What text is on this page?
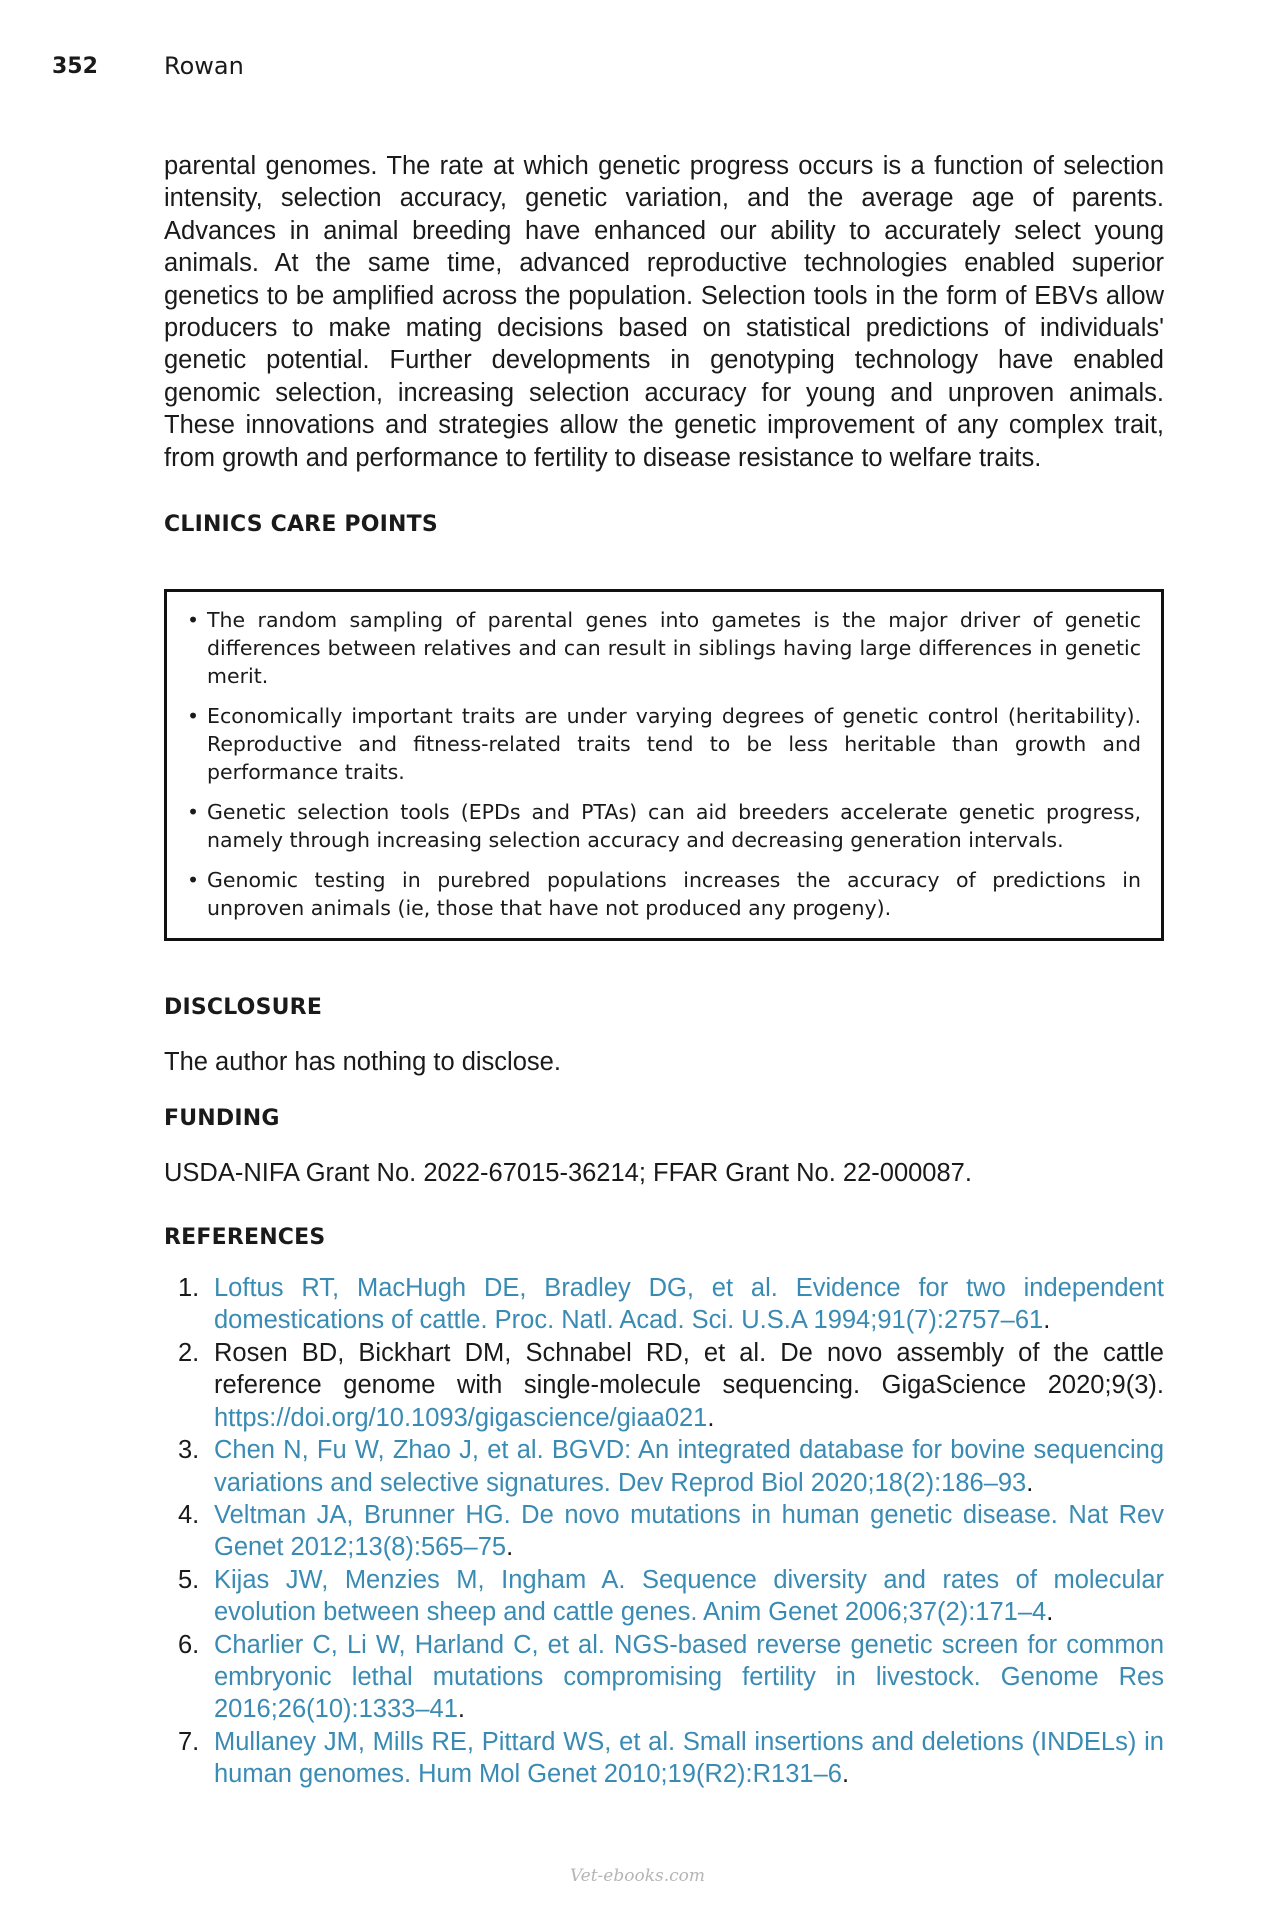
352	Rowan

parental genomes. The rate at which genetic progress occurs is a function of selection intensity, selection accuracy, genetic variation, and the average age of parents. Advances in animal breeding have enhanced our ability to accurately select young animals. At the same time, advanced reproductive technologies enabled superior genetics to be amplified across the population. Selection tools in the form of EBVs allow producers to make mating decisions based on statistical predictions of individuals' genetic potential. Further developments in genotyping technology have enabled genomic selection, increasing selection accuracy for young and unproven animals. These innovations and strategies allow the genetic improvement of any complex trait, from growth and performance to fertility to disease resistance to welfare traits.

CLINICS CARE POINTS
• The random sampling of parental genes into gametes is the major driver of genetic differences between relatives and can result in siblings having large differences in genetic merit.
• Economically important traits are under varying degrees of genetic control (heritability). Reproductive and fitness-related traits tend to be less heritable than growth and performance traits.
• Genetic selection tools (EPDs and PTAs) can aid breeders accelerate genetic progress, namely through increasing selection accuracy and decreasing generation intervals.
• Genomic testing in purebred populations increases the accuracy of predictions in unproven animals (ie, those that have not produced any progeny).
DISCLOSURE

The author has nothing to disclose.

FUNDING

USDA-NIFA Grant No. 2022-67015-36214; FFAR Grant No. 22-000087.

REFERENCES
1. Loftus RT, MacHugh DE, Bradley DG, et al. Evidence for two independent domestications of cattle. Proc. Natl. Acad. Sci. U.S.A 1994;91(7):2757–61.
2. Rosen BD, Bickhart DM, Schnabel RD, et al. De novo assembly of the cattle reference genome with single-molecule sequencing. GigaScience 2020;9(3). https://doi.org/10.1093/gigascience/giaa021.
3. Chen N, Fu W, Zhao J, et al. BGVD: An integrated database for bovine sequencing variations and selective signatures. Dev Reprod Biol 2020;18(2):186–93.
4. Veltman JA, Brunner HG. De novo mutations in human genetic disease. Nat Rev Genet 2012;13(8):565–75.
5. Kijas JW, Menzies M, Ingham A. Sequence diversity and rates of molecular evolution between sheep and cattle genes. Anim Genet 2006;37(2):171–4.
6. Charlier C, Li W, Harland C, et al. NGS-based reverse genetic screen for common embryonic lethal mutations compromising fertility in livestock. Genome Res 2016;26(10):1333–41.
7. Mullaney JM, Mills RE, Pittard WS, et al. Small insertions and deletions (INDELs) in human genomes. Hum Mol Genet 2010;19(R2):R131–6.
Vet-ebooks.com
